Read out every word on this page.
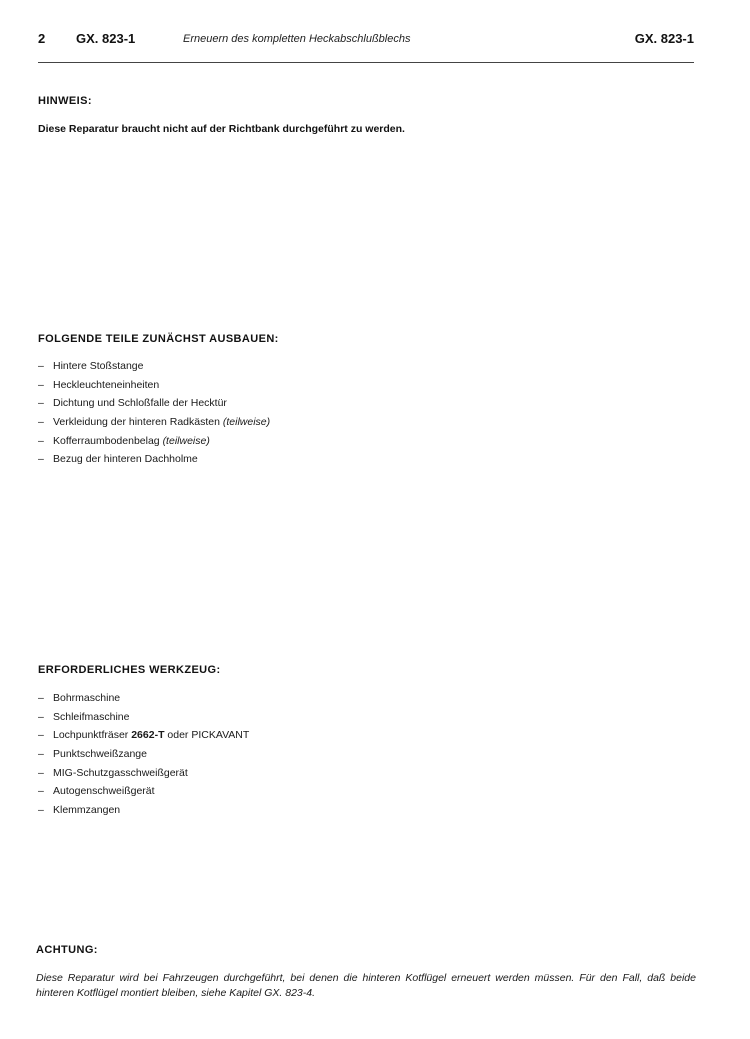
2 GX. 823-1	Erneuern des kompletten Heckabschlußblechs	GX. 823-1
HINWEIS:
Diese Reparatur braucht nicht auf der Richtbank durchgeführt zu werden.
FOLGENDE TEILE ZUNÄCHST AUSBAUEN:
– Hintere Stoßstange
– Heckleuchteneinheiten
– Dichtung und Schloßfalle der Hecktür
– Verkleidung der hinteren Radkästen (teilweise)
– Kofferraumbodenbelag (teilweise)
– Bezug der hinteren Dachholme
ERFORDERLICHES WERKZEUG:
– Bohrmaschine
– Schleifmaschine
– Lochpunktfräser 2662-T oder PICKAVANT
– Punktschweißzange
– MIG-Schutzgasschweißgerät
– Autogenschweißgerät
– Klemmzangen
ACHTUNG:
Diese Reparatur wird bei Fahrzeugen durchgeführt, bei denen die hinteren Kotflügel erneuert werden müssen. Für den Fall, daß beide hinteren Kotflügel montiert bleiben, siehe Kapitel GX. 823-4.
